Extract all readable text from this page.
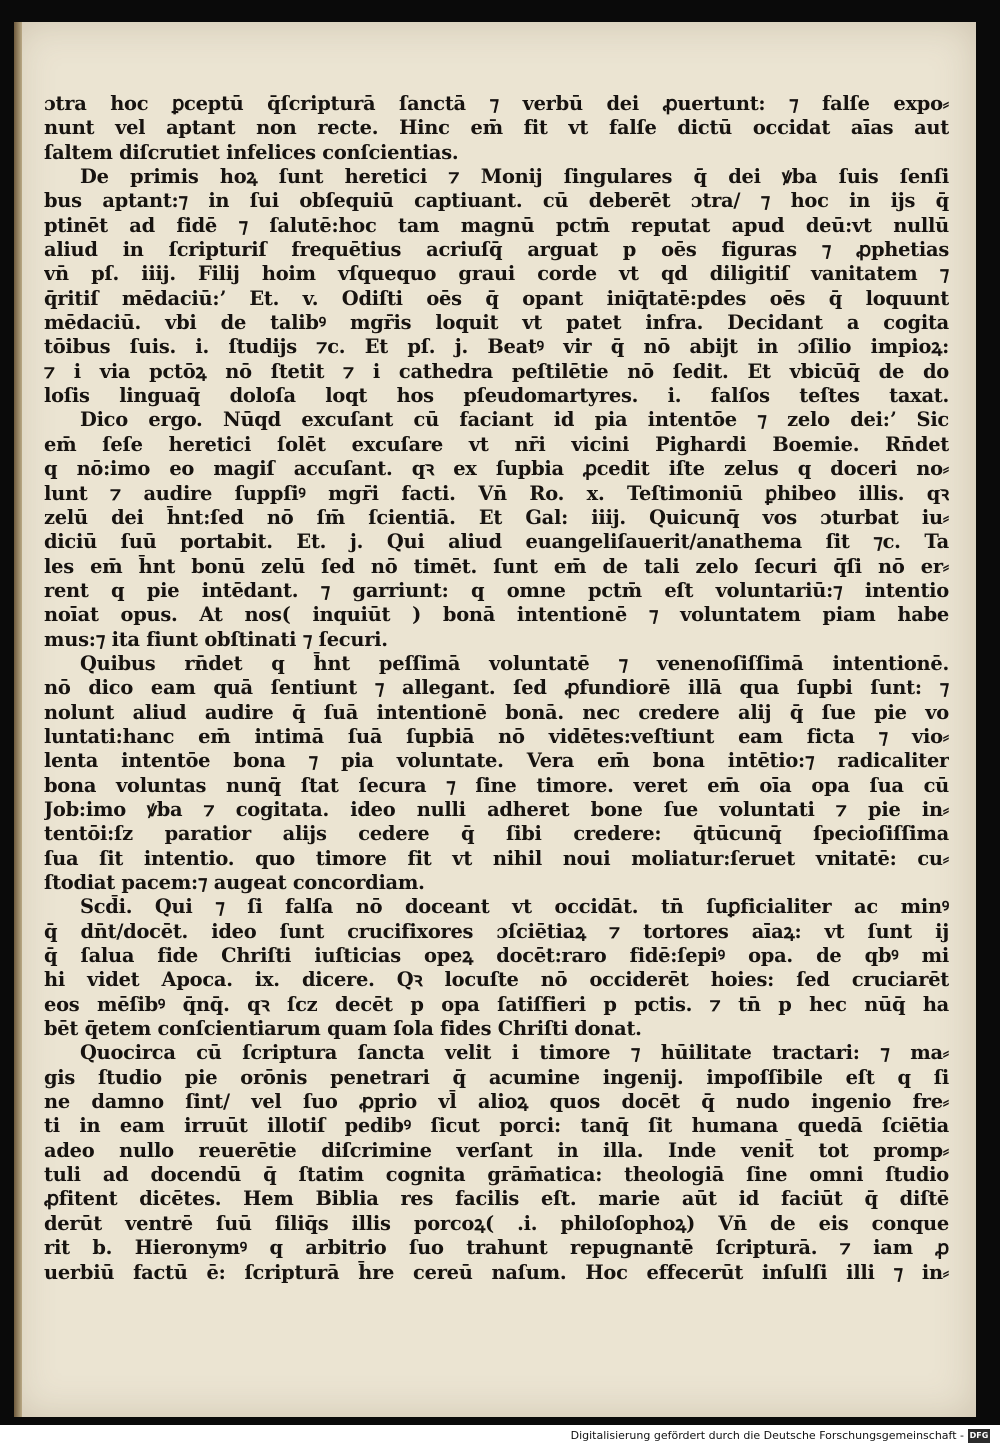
ɔtra hoc ꝑceptū q̄ſcripturā ſanctā ⁊ verbū dei ꝓuertunt: ⁊ falſe expo⸗
nunt vel aptant non recte. Hinc em̄ fit vt falſe dictū occidat aīas aut
ſaltem diſcrutiet infelices conſcientias.
De primis hoꝝ ſunt heretici ⁊ Monij ſingulares q̄ dei ꝟba ſuis ſenſi
bus aptant:⁊ in ſui obſequiū captiuant. cū deberēt ɔtra/ ⁊ hoc in ijs q̄
ptinēt ad fidē ⁊ ſalutē:hoc tam magnū pctm̄ reputat apud deū:vt nullū
aliud in ſcripturiſ frequētius acriuſq̄ arguat p oēs figuras ⁊ ꝓphetias
vn̄ pſ. iiij. Filij hoim vſquequo graui corde vt qd diligitiſ vanitatem ⁊
q̄ritiſ mēdaciū:ʼ Et. v. Odiſti oēs q̄ opant iniq̄tatē:pdes oēs q̄ loquunt
mēdaciū. vbi de talibꝰ mgr̄is loquit vt patet infra. Decidant a cogita
tōibus ſuis. i. ſtudijs ⁊c. Et pſ. j. Beatꝰ vir q̄ nō abijt in ɔſilio impioꝝ:
⁊ i via pctōꝝ nō ſtetit ⁊ i cathedra peſtilētie nō ſedit. Et vbicūq̄ de do
loſis linguaq̄ doloſa loqt hos pſeudomartyres. i. falſos teſtes taxat.
Dico ergo. Nūqd excuſant cū faciant id pia intentōe ⁊ zelo dei:ʼ Sic
em̄ ſeſe heretici ſolēt excuſare vt nr̄i vicini Pighardi Boemie. Rn̄det
q nō:imo eo magiſ accuſant. qꝛ ex ſupbia ꝓcedit iſte zelus q doceri no⸗
lunt ⁊ audire ſuppſiꝰ mgr̄i facti. Vn̄ Ro. x. Teſtimoniū ꝑhibeo illis. qꝛ
zelū dei h̄nt:ſed nō ſm̄ ſcientiā. Et Gal: iiij. Quicunq̄ vos ɔturbat iu⸗
diciū ſuū portabit. Et. j. Qui aliud euangeliſauerit/anathema ſit ⁊c. Ta
les em̄ h̄nt bonū zelū ſed nō timēt. ſunt em̄ de tali zelo ſecuri q̄ſi nō er⸗
rent q pie intēdant. ⁊ garriunt: q omne pctm̄ eſt voluntariū:⁊ intentio
noīat opus. At nos( inquiūt ) bonā intentionē ⁊ voluntatem piam habe
mus:⁊ ita fiunt obſtinati ⁊ ſecuri.
Quibus rn̄det q h̄nt peſſimā voluntatē ⁊ venenoſiſſimā intentionē.
nō dico eam quā ſentiunt ⁊ allegant. ſed ꝓfundiorē illā qua ſupbi ſunt: ⁊
nolunt aliud audire q̄ ſuā intentionē bonā. nec credere alij q̄ ſue pie vo
luntati:hanc em̄ intimā ſuā ſupbiā nō vidētes:veſtiunt eam ficta ⁊ vio⸗
lenta intentōe bona ⁊ pia voluntate. Vera em̄ bona intētio:⁊ radicaliter
bona voluntas nunq̄ ſtat ſecura ⁊ ſine timore. veret em̄ oīa opa ſua cū
Job:imo ꝟba ⁊ cogitata. ideo nulli adheret bone ſue voluntati ⁊ pie in⸗
tentōi:ſz paratior alijs cedere q̄ ſibi credere: q̄tūcunq̄ ſpecioſiſſima
ſua ſit intentio. quo timore fit vt nihil noui moliatur:ſeruet vnitatē: cu⸗
ſtodiat pacem:⁊ augeat concordiam.
Scd̄i. Qui ⁊ ſi falſa nō doceant vt occidāt. tn̄ ſuꝑficialiter ac minꝰ
q̄ dn̄t/docēt. ideo ſunt crucifixores ɔſciētiaꝝ ⁊ tortores aīaꝝ: vt ſunt ij
q̄ ſalua fide Chriſti iuſticias opeꝝ docēt:raro fidē:ſepiꝰ opa. de qbꝰ mi
hi videt Apoca. ix. dicere. Qꝛ locuſte nō occiderēt hoies: ſed cruciarēt
eos mēſibꝰ q̄nq̄. qꝛ ſcz decēt p opa ſatiſfieri p pctis. ⁊ tn̄ p hec nūq̄ ha
bēt q̄etem conſcientiarum quam ſola fides Chriſti donat.
Quocirca cū ſcriptura ſancta velit i timore ⁊ hūilitate tractari: ⁊ ma⸗
gis ſtudio pie orōnis penetrari q̄ acumine ingenij. impoſſibile eſt q ſi
ne damno ſint/ vel ſuo ꝓprio vl̄ alioꝝ quos docēt q̄ nudo ingenio fre⸗
ti in eam irruūt illotiſ pedibꝰ ſicut porci: tanq̄ ſit humana quedā ſciētia
adeo nullo reuerētie diſcrimine verſant in illa. Inde venit̄ tot promp⸗
tuli ad docendū q̄ ſtatim cognita grām̄atica: theologiā ſine omni ſtudio
ꝓfitent dicētes. Hem Biblia res facilis eſt. marie aūt id faciūt q̄ diſtē
derūt ventrē ſuū ſiliq̄s illis porcoꝝ( .i. philoſophoꝝ) Vn̄ de eis conque
rit b. Hieronymꝰ q arbitrio ſuo trahunt repugnantē ſcripturā. ⁊ iam ꝓ
uerbiū factū ē: ſcripturā h̄re cereū naſum. Hoc effecerūt inſulſi illi ⁊ in⸗
Digitalisierung gefördert durch die Deutsche Forschungsgemeinschaft - DFG
